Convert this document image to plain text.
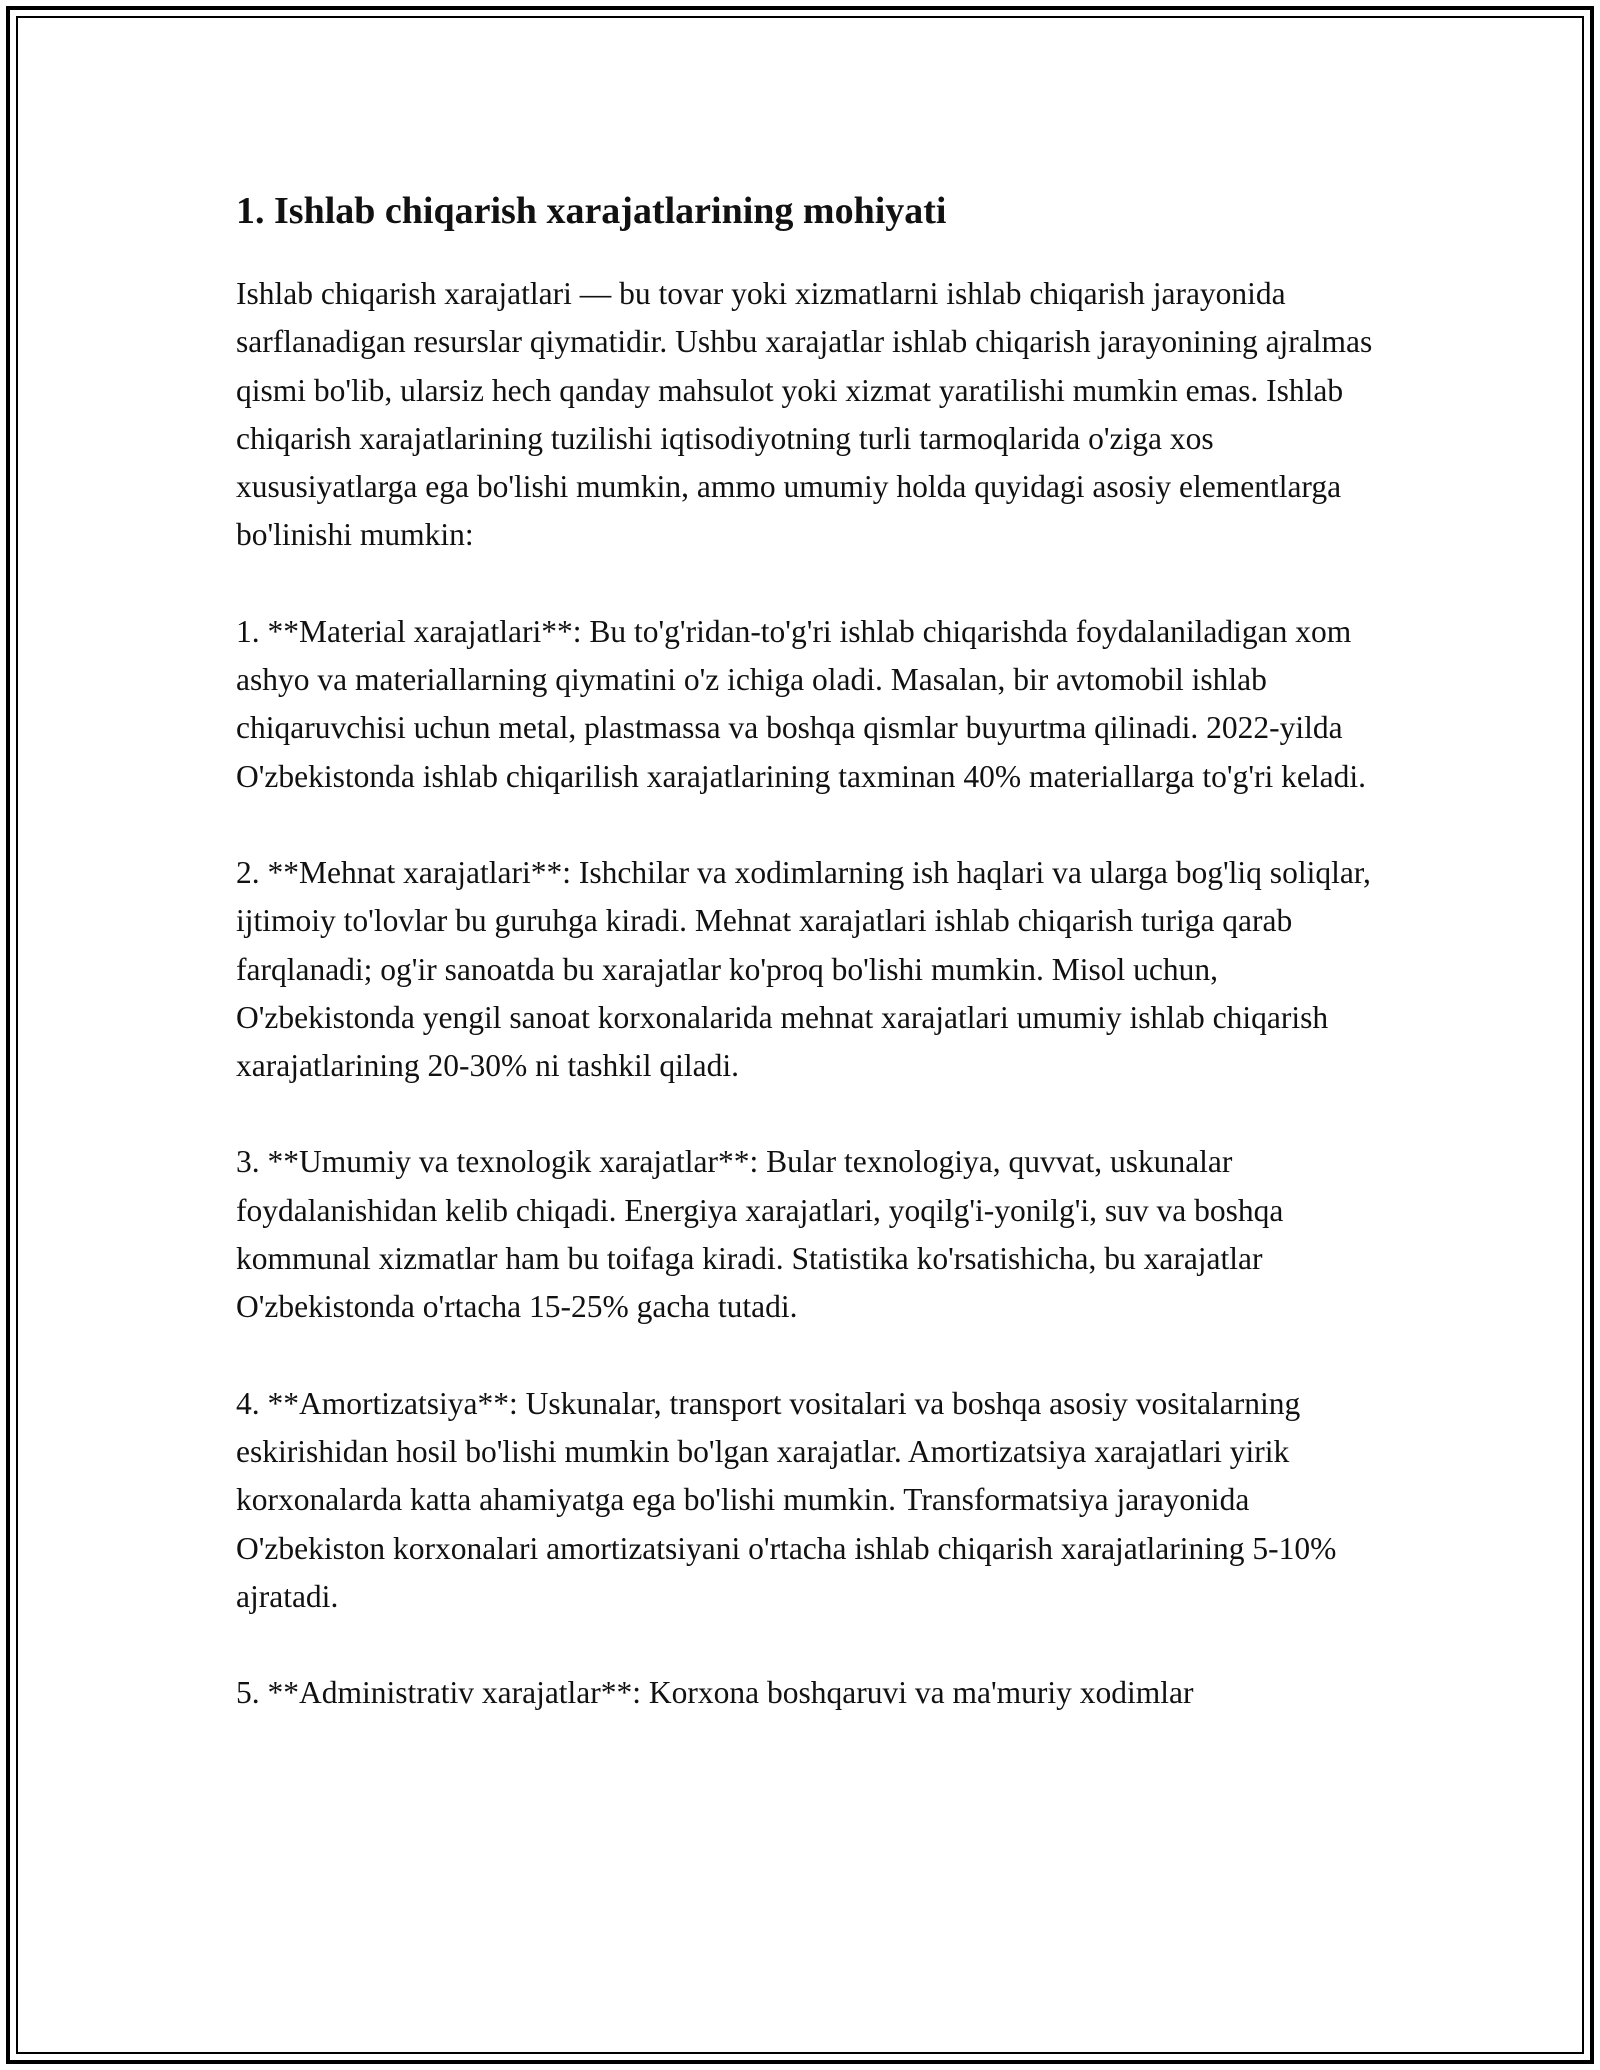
1. Ishlab chiqarish xarajatlarining mohiyati

Ishlab chiqarish xarajatlari — bu tovar yoki xizmatlarni ishlab chiqarish jarayonida sarflanadigan resurslar qiymatidir. Ushbu xarajatlar ishlab chiqarish jarayonining ajralmas qismi bo'lib, ularsiz hech qanday mahsulot yoki xizmat yaratilishi mumkin emas. Ishlab chiqarish xarajatlarining tuzilishi iqtisodiyotning turli tarmoqlarida o'ziga xos xususiyatlarga ega bo'lishi mumkin, ammo umumiy holda quyidagi asosiy elementlarga bo'linishi mumkin:

1. **Material xarajatlari**: Bu to'g'ridan-to'g'ri ishlab chiqarishda foydalaniladigan xom ashyo va materiallarning qiymatini o'z ichiga oladi. Masalan, bir avtomobil ishlab chiqaruvchisi uchun metal, plastmassa va boshqa qismlar buyurtma qilinadi. 2022-yilda O'zbekistonda ishlab chiqarilish xarajatlarining taxminan 40% materiallarga to'g'ri keladi.

2. **Mehnat xarajatlari**: Ishchilar va xodimlarning ish haqlari va ularga bog'liq soliqlar, ijtimoiy to'lovlar bu guruhga kiradi. Mehnat xarajatlari ishlab chiqarish turiga qarab farqlanadi; og'ir sanoatda bu xarajatlar ko'proq bo'lishi mumkin. Misol uchun, O'zbekistonda yengil sanoat korxonalarida mehnat xarajatlari umumiy ishlab chiqarish xarajatlarining 20-30% ni tashkil qiladi.

3. **Umumiy va texnologik xarajatlar**: Bular texnologiya, quvvat, uskunalar foydalanishidan kelib chiqadi. Energiya xarajatlari, yoqilg'i-yonilg'i, suv va boshqa kommunal xizmatlar ham bu toifaga kiradi. Statistika ko'rsatishicha, bu xarajatlar O'zbekistonda o'rtacha 15-25% gacha tutadi.

4. **Amortizatsiya**: Uskunalar, transport vositalari va boshqa asosiy vositalarning eskirishidan hosil bo'lishi mumkin bo'lgan xarajatlar. Amortizatsiya xarajatlari yirik korxonalarda katta ahamiyatga ega bo'lishi mumkin. Transformatsiya jarayonida O'zbekiston korxonalari amortizatsiyani o'rtacha ishlab chiqarish xarajatlarining 5-10% ajratadi.

5. **Administrativ xarajatlar**: Korxona boshqaruvi va ma'muriy xodimlar
